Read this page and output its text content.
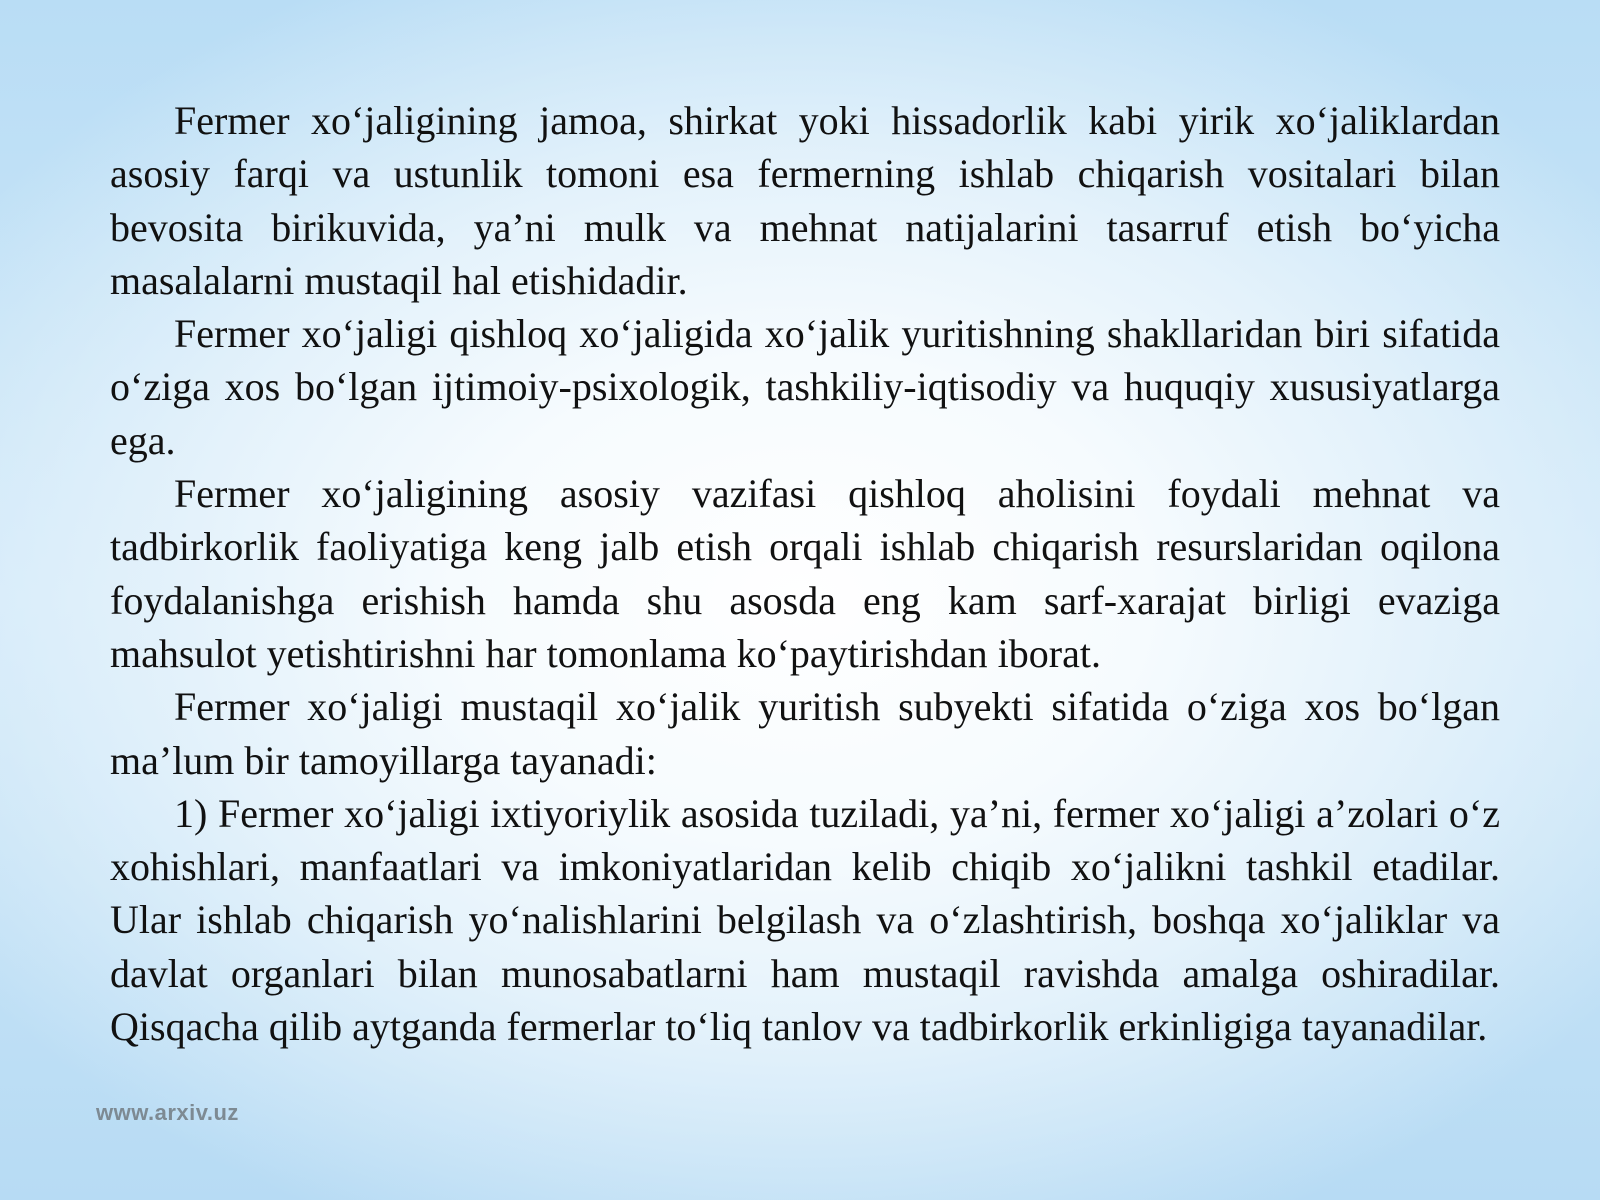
Fermer xo‘jaligining jamoa, shirkat yoki hissadorlik kabi yirik xo‘jaliklardan asosiy farqi va ustunlik tomoni esa fermerning ishlab chiqarish vositalari bilan bevosita birikuvida, ya’ni mulk va mehnat natijalarini tasarruf etish bo‘yicha masalalarni mustaqil hal etishidadir.

Fermer xo‘jaligi qishloq xo‘jaligida xo‘jalik yuritishning shakllaridan biri sifatida o‘ziga xos bo‘lgan ijtimoiy-psixologik, tashkiliy-iqtisodiy va huquqiy xususiyatlarga ega.

Fermer xo‘jaligining asosiy vazifasi qishloq aholisini foydali mehnat va tadbirkorlik faoliyatiga keng jalb etish orqali ishlab chiqarish resurslaridan oqilona foydalanishga erishish hamda shu asosda eng kam sarf-xarajat birligi evaziga mahsulot yetishtirishni har tomonlama ko‘paytirishdan iborat.

Fermer xo‘jaligi mustaqil xo‘jalik yuritish subyekti sifatida o‘ziga xos bo‘lgan ma’lum bir tamoyillarga tayanadi:

1) Fermer xo‘jaligi ixtiyoriylik asosida tuziladi, ya’ni, fermer xo‘jaligi a’zolari o‘z xohishlari, manfaatlari va imkoniyatlaridan kelib chiqib xo‘jalikni tashkil etadilar. Ular ishlab chiqarish yo‘nalishlarini belgilash va o‘zlashtirish, boshqa xo‘jaliklar va davlat organlari bilan munosabatlarni ham mustaqil ravishda amalga oshiradilar. Qisqacha qilib aytganda fermerlar to‘liq tanlov va tadbirkorlik erkinligiga tayanadilar.

www.arxiv.uz
